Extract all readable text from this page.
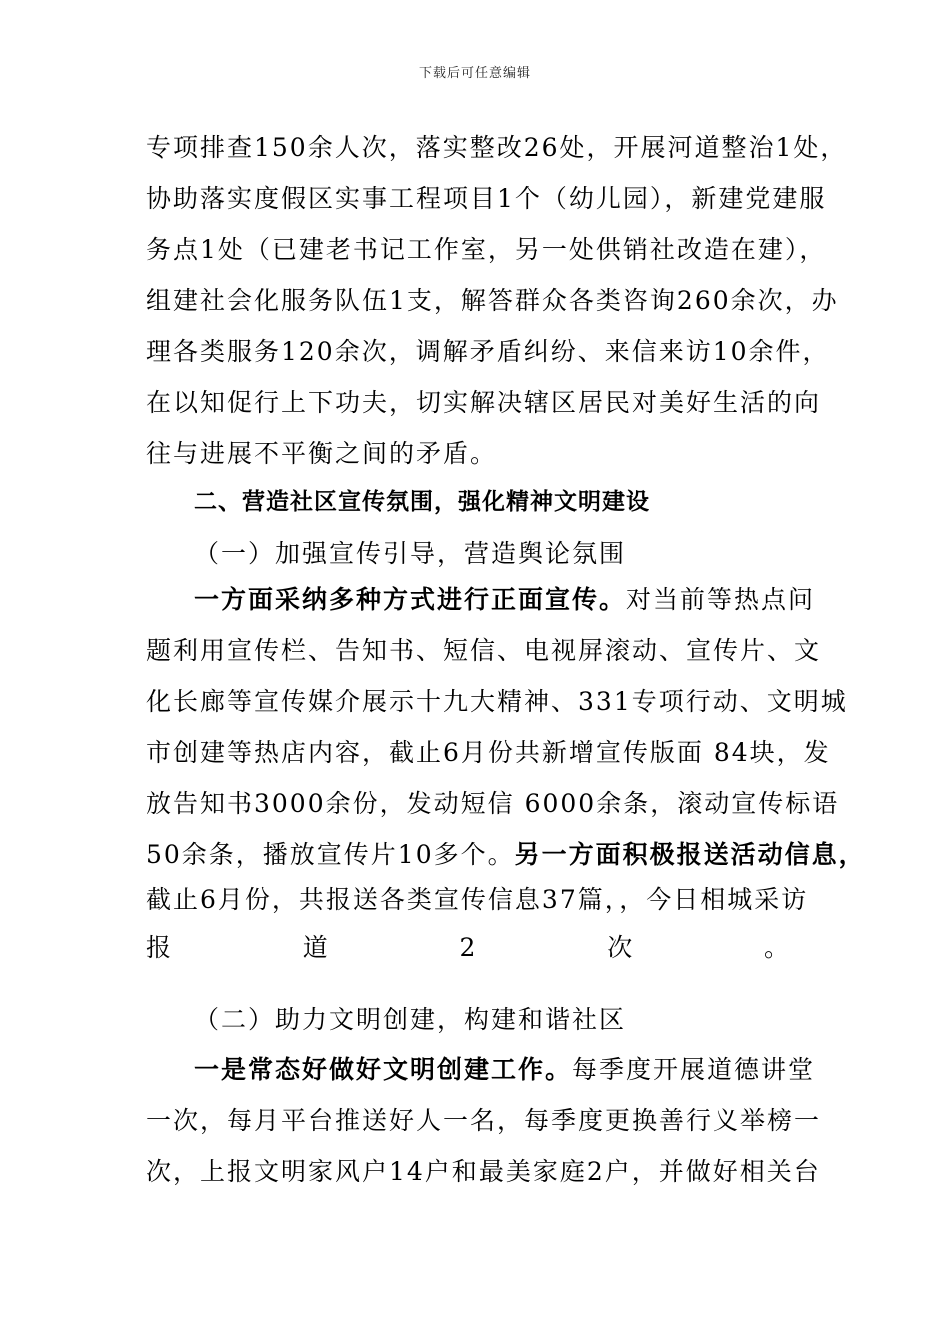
下载后可任意编辑
专项排查150余人次，落实整改26处，开展河道整治1处，
协助落实度假区实事工程项目1个（幼儿园），新建党建服
务点1处（已建老书记工作室，另一处供销社改造在建），
组建社会化服务队伍1支，解答群众各类咨询260余次，办
理各类服务120余次，调解矛盾纠纷、来信来访10余件，
在以知促行上下功夫，切实解决辖区居民对美好生活的向
往与进展不平衡之间的矛盾。
二、营造社区宣传氛围，强化精神文明建设
（一）加强宣传引导，营造舆论氛围
一方面采纳多种方式进行正面宣传。对当前等热点问
题利用宣传栏、告知书、短信、电视屏滚动、宣传片、文
化长廊等宣传媒介展示十九大精神、331专项行动、文明城
市创建等热店内容，截止6月份共新增宣传版面 84块，发
放告知书3000余份，发动短信 6000余条，滚动宣传标语
50余条，播放宣传片10多个。另一方面积极报送活动信息，
截止6月份，共报送各类宣传信息37篇，，今日相城采访
报	道	2	次	。
（二）助力文明创建，构建和谐社区
一是常态好做好文明创建工作。每季度开展道德讲堂
一次，每月平台推送好人一名，每季度更换善行义举榜一
次，上报文明家风户14户和最美家庭2户，并做好相关台
